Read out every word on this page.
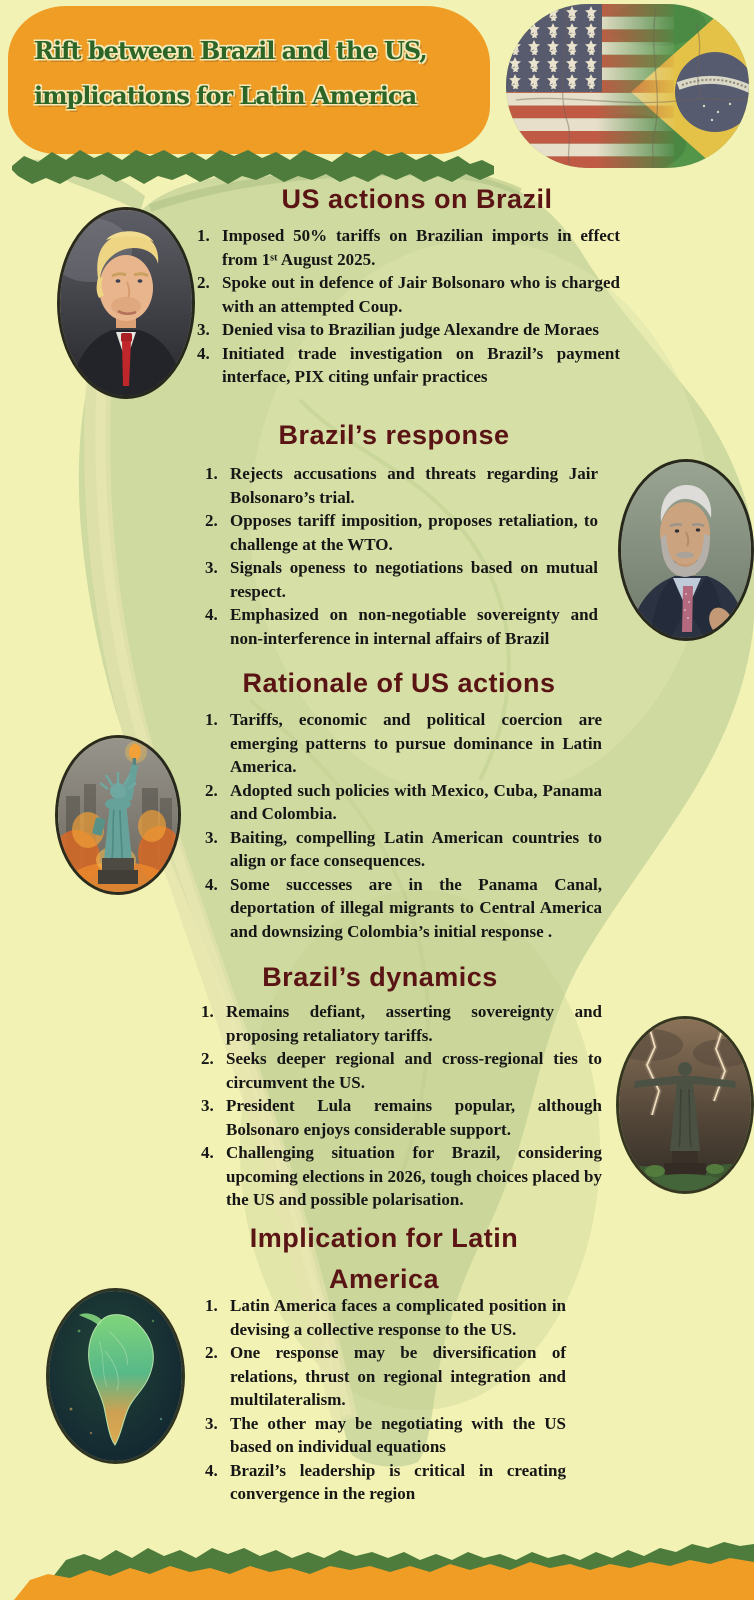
Rift between Brazil and the US,
implications for Latin America
US actions on Brazil
Imposed 50% tariffs on Brazilian imports in effect from 1ˢᵗ August 2025.
Spoke out in defence of Jair Bolsonaro who is charged with an attempted Coup.
Denied visa to Brazilian judge Alexandre de Moraes
Initiated trade investigation on Brazil’s payment interface, PIX citing unfair practices
Brazil’s response
Rejects accusations and threats regarding Jair Bolsonaro’s trial.
Opposes tariff imposition, proposes retaliation, to challenge at the WTO.
Signals openess to negotiations based on mutual respect.
Emphasized on non-negotiable sovereignty and non-interference in internal affairs of Brazil
Rationale of US actions
Tariffs, economic and political coercion are emerging patterns to pursue dominance in Latin America.
Adopted such policies with Mexico, Cuba, Panama and Colombia.
Baiting, compelling Latin American countries to align or face consequences.
Some successes are in the Panama Canal, deportation of illegal migrants to Central America and downsizing Colombia’s initial response .
Brazil’s dynamics
Remains defiant, asserting sovereignty and proposing retaliatory tariffs.
Seeks deeper regional and cross-regional ties to circumvent the US.
President Lula remains popular, although Bolsonaro enjoys considerable support.
Challenging situation for Brazil, considering upcoming elections in 2026, tough choices placed by the US and possible polarisation.
Implication for Latin America
Latin America faces a complicated position in devising a collective response to the US.
One response may be diversification of relations, thrust on regional integration and multilateralism.
The other may be negotiating with the US based on individual equations
Brazil’s leadership is critical in creating convergence in the region
